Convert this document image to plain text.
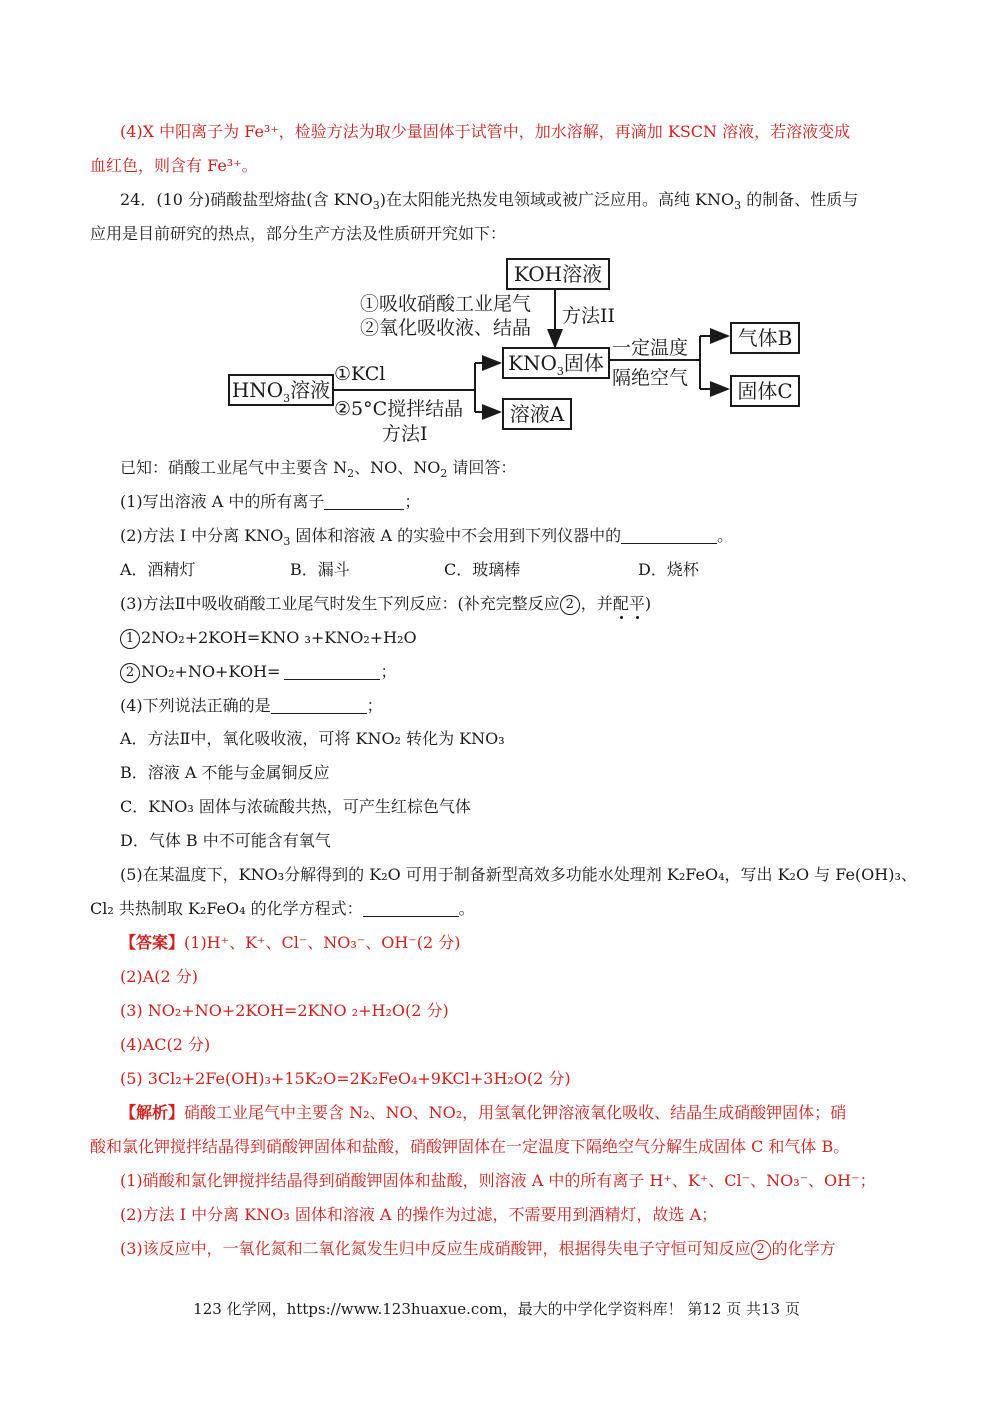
(4)X 中阳离子为 Fe³⁺，检验方法为取少量固体于试管中，加水溶解，再滴加 KSCN 溶液，若溶液变成
血红色，则含有 Fe³⁺。
24．(10 分)硝酸盐型熔盐(含 $KNO_3$)在太阳能光热发电领域或被广泛应用。高纯 $KNO_3$ 的制备、性质与
应用是目前研究的热点，部分生产方法及性质研开究如下：
KOH溶液
①吸收硝酸工业尾气
②氧化吸收液、结晶
方法II
$KNO_3$固体
一定温度
隔绝空气
气体B
固体C
$HNO_3$溶液
①KCl
②5°C搅拌结晶	溶液A
方法I
已知：硝酸工业尾气中主要含 $N_2$、NO、$NO_2$ 请回答：
(1)写出溶液 A 中的所有离子	；
(2)方法 I 中分离 $KNO_3$ 固体和溶液 A 的实验中不会用到下列仪器中的	。
A．酒精灯	B．漏斗	C．玻璃棒	D．烧杯
(3)方法Ⅱ中吸收硝酸工业尾气时发生下列反应：(补充完整反应 2 ，并配平)
1 2NO₂+2KOH=KNO ₃+KNO₂+H₂O
2 NO₂+NO+KOH=	；
(4)下列说法正确的是	；
A．方法Ⅱ中，氧化吸收液，可将 KNO₂ 转化为 KNO₃
B．溶液 A 不能与金属铜反应
C．KNO₃ 固体与浓硫酸共热，可产生红棕色气体
D．气体 B 中不可能含有氧气
(5)在某温度下，KNO₃分解得到的 K₂O 可用于制备新型高效多功能水处理剂 K₂FeO₄，写出 K₂O 与 Fe(OH)₃、
Cl₂ 共热制取 K₂FeO₄ 的化学方程式：	。
【答案】(1)H⁺、K⁺、Cl⁻、NO₃⁻、OH⁻(2 分)
(2)A(2 分)
(3) NO₂+NO+2KOH=2KNO ₂+H₂O(2 分)
(4)AC(2 分)
(5) 3Cl₂+2Fe(OH)₃+15K₂O=2K₂FeO₄+9KCl+3H₂O(2 分)
【解析】硝酸工业尾气中主要含 N₂、NO、NO₂，用氢氧化钾溶液氧化吸收、结晶生成硝酸钾固体；硝
酸和氯化钾搅拌结晶得到硝酸钾固体和盐酸，硝酸钾固体在一定温度下隔绝空气分解生成固体 C 和气体 B。
(1)硝酸和氯化钾搅拌结晶得到硝酸钾固体和盐酸，则溶液 A 中的所有离子 H⁺、K⁺、Cl⁻、NO₃⁻、OH⁻；
(2)方法 I 中分离 KNO₃ 固体和溶液 A 的操作为过滤，不需要用到酒精灯，故选 A；
(3)该反应中，一氧化氮和二氧化氮发生归中反应生成硝酸钾，根据得失电子守恒可知反应 2 的化学方
123 化学网，https://www.123huaxue.com，最大的中学化学资料库！ 第12 页 共13 页
